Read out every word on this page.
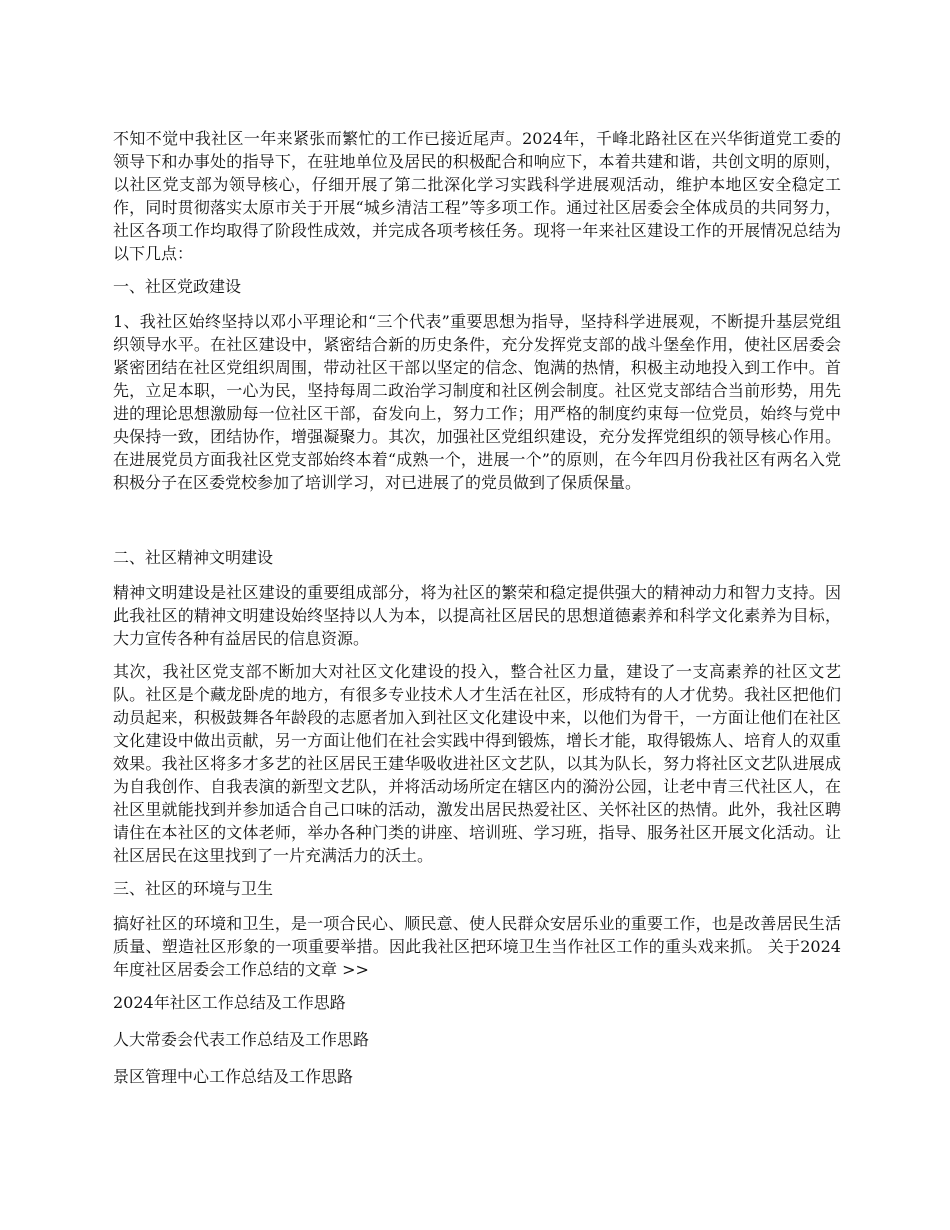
不知不觉中我社区一年来紧张而繁忙的工作已接近尾声。2024年，千峰北路社区在兴华街道党工委的领导下和办事处的指导下，在驻地单位及居民的积极配合和响应下，本着共建和谐，共创文明的原则，以社区党支部为领导核心，仔细开展了第二批深化学习实践科学进展观活动，维护本地区安全稳定工作，同时贯彻落实太原市关于开展“城乡清洁工程”等多项工作。通过社区居委会全体成员的共同努力，社区各项工作均取得了阶段性成效，并完成各项考核任务。现将一年来社区建设工作的开展情况总结为以下几点：

一、社区党政建设

1、我社区始终坚持以邓小平理论和“三个代表”重要思想为指导，坚持科学进展观，不断提升基层党组织领导水平。在社区建设中，紧密结合新的历史条件，充分发挥党支部的战斗堡垒作用，使社区居委会紧密团结在社区党组织周围，带动社区干部以坚定的信念、饱满的热情，积极主动地投入到工作中。首先，立足本职，一心为民，坚持每周二政治学习制度和社区例会制度。社区党支部结合当前形势，用先进的理论思想激励每一位社区干部，奋发向上，努力工作；用严格的制度约束每一位党员，始终与党中央保持一致，团结协作，增强凝聚力。其次，加强社区党组织建设，充分发挥党组织的领导核心作用。在进展党员方面我社区党支部始终本着“成熟一个，进展一个”的原则，在今年四月份我社区有两名入党积极分子在区委党校参加了培训学习，对已进展了的党员做到了保质保量。

二、社区精神文明建设

精神文明建设是社区建设的重要组成部分，将为社区的繁荣和稳定提供强大的精神动力和智力支持。因此我社区的精神文明建设始终坚持以人为本，以提高社区居民的思想道德素养和科学文化素养为目标，大力宣传各种有益居民的信息资源。

其次，我社区党支部不断加大对社区文化建设的投入，整合社区力量，建设了一支高素养的社区文艺队。社区是个藏龙卧虎的地方，有很多专业技术人才生活在社区，形成特有的人才优势。我社区把他们动员起来，积极鼓舞各年龄段的志愿者加入到社区文化建设中来，以他们为骨干，一方面让他们在社区文化建设中做出贡献，另一方面让他们在社会实践中得到锻炼，增长才能，取得锻炼人、培育人的双重效果。我社区将多才多艺的社区居民王建华吸收进社区文艺队，以其为队长，努力将社区文艺队进展成为自我创作、自我表演的新型文艺队，并将活动场所定在辖区内的漪汾公园，让老中青三代社区人，在社区里就能找到并参加适合自己口味的活动，激发出居民热爱社区、关怀社区的热情。此外，我社区聘请住在本社区的文体老师，举办各种门类的讲座、培训班、学习班，指导、服务社区开展文化活动。让社区居民在这里找到了一片充满活力的沃土。

三、社区的环境与卫生

搞好社区的环境和卫生，是一项合民心、顺民意、使人民群众安居乐业的重要工作，也是改善居民生活质量、塑造社区形象的一项重要举措。因此我社区把环境卫生当作社区工作的重头戏来抓。 关于2024年度社区居委会工作总结的文章 >>

2024年社区工作总结及工作思路

人大常委会代表工作总结及工作思路

景区管理中心工作总结及工作思路
